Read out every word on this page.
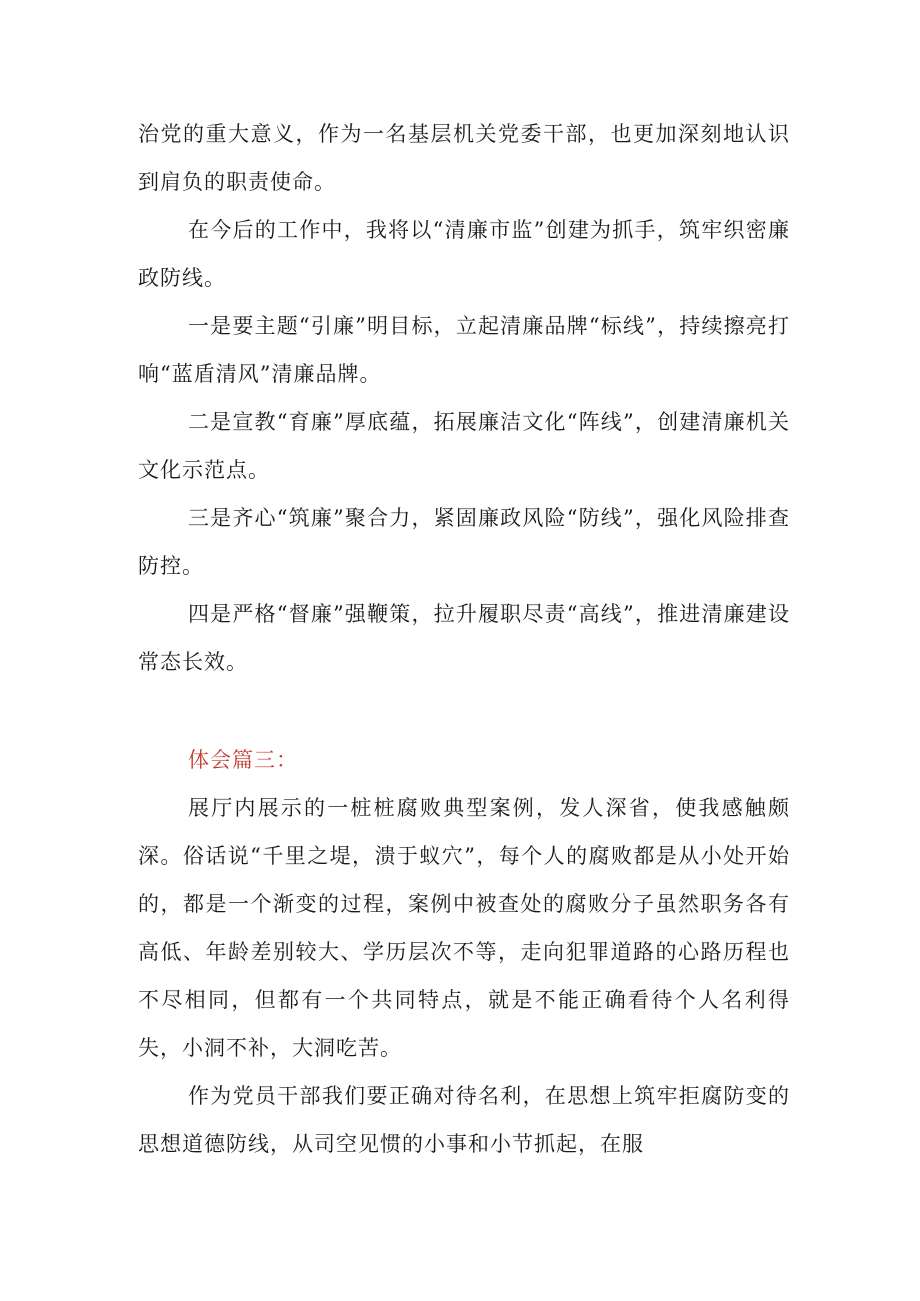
治党的重大意义，作为一名基层机关党委干部，也更加深刻地认识到肩负的职责使命。

在今后的工作中，我将以“清廉市监”创建为抓手，筑牢织密廉政防线。

一是要主题“引廉”明目标，立起清廉品牌“标线”，持续擦亮打响“蓝盾清风”清廉品牌。

二是宣教“育廉”厚底蕴，拓展廉洁文化“阵线”，创建清廉机关文化示范点。

三是齐心“筑廉”聚合力，紧固廉政风险“防线”，强化风险排查防控。

四是严格“督廉”强鞭策，拉升履职尽责“高线”，推进清廉建设常态长效。

体会篇三：

展厅内展示的一桩桩腐败典型案例，发人深省，使我感触颇深。俗话说“千里之堤，溃于蚁穴”，每个人的腐败都是从小处开始的，都是一个渐变的过程，案例中被查处的腐败分子虽然职务各有高低、年龄差别较大、学历层次不等，走向犯罪道路的心路历程也不尽相同，但都有一个共同特点，就是不能正确看待个人名利得失，小洞不补，大洞吃苦。

作为党员干部我们要正确对待名利，在思想上筑牢拒腐防变的思想道德防线，从司空见惯的小事和小节抓起，在服
